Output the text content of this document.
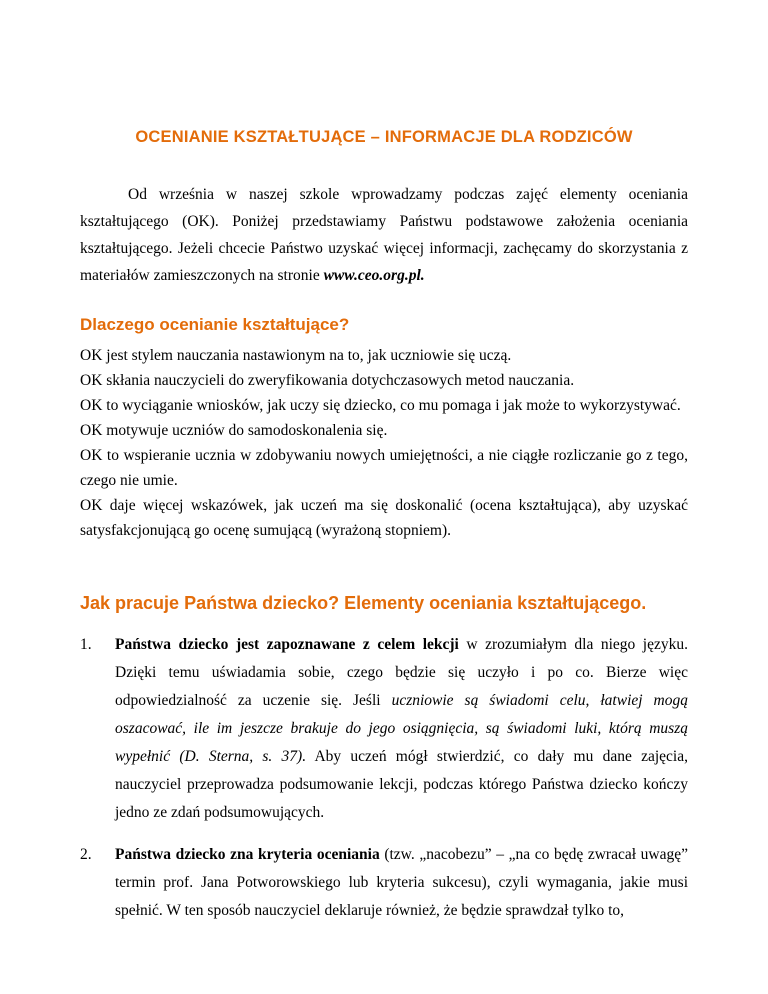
OCENIANIE KSZTAŁTUJĄCE – INFORMACJE DLA RODZICÓW

Od września w naszej szkole wprowadzamy podczas zajęć elementy oceniania kształtującego (OK). Poniżej przedstawiamy Państwu podstawowe założenia oceniania kształtującego. Jeżeli chcecie Państwo uzyskać więcej informacji, zachęcamy do skorzystania z materiałów zamieszczonych na stronie www.ceo.org.pl.

Dlaczego ocenianie kształtujące?

OK jest stylem nauczania nastawionym na to, jak uczniowie się uczą.

OK skłania nauczycieli do zweryfikowania dotychczasowych metod nauczania.

OK to wyciąganie wniosków, jak uczy się dziecko, co mu pomaga i jak może to wykorzystywać.

OK motywuje uczniów do samodoskonalenia się.

OK to wspieranie ucznia w zdobywaniu nowych umiejętności, a nie ciągłe rozliczanie go z tego, czego nie umie.

OK daje więcej wskazówek, jak uczeń ma się doskonalić (ocena kształtująca), aby uzyskać satysfakcjonującą go ocenę sumującą (wyrażoną stopniem).

Jak pracuje Państwa dziecko? Elementy oceniania kształtującego.
1. Państwa dziecko jest zapoznawane z celem lekcji w zrozumiałym dla niego języku. Dzięki temu uświadamia sobie, czego będzie się uczyło i po co. Bierze więc odpowiedzialność za uczenie się. Jeśli uczniowie są świadomi celu, łatwiej mogą oszacować, ile im jeszcze brakuje do jego osiągnięcia, są świadomi luki, którą muszą wypełnić (D. Sterna, s. 37). Aby uczeń mógł stwierdzić, co dały mu dane zajęcia, nauczyciel przeprowadza podsumowanie lekcji, podczas którego Państwa dziecko kończy jedno ze zdań podsumowujących.
2. Państwa dziecko zna kryteria oceniania (tzw. „nacobezu” – „na co będę zwracał uwagę” termin prof. Jana Potworowskiego lub kryteria sukcesu), czyli wymagania, jakie musi spełnić. W ten sposób nauczyciel deklaruje również, że będzie sprawdzał tylko to,
